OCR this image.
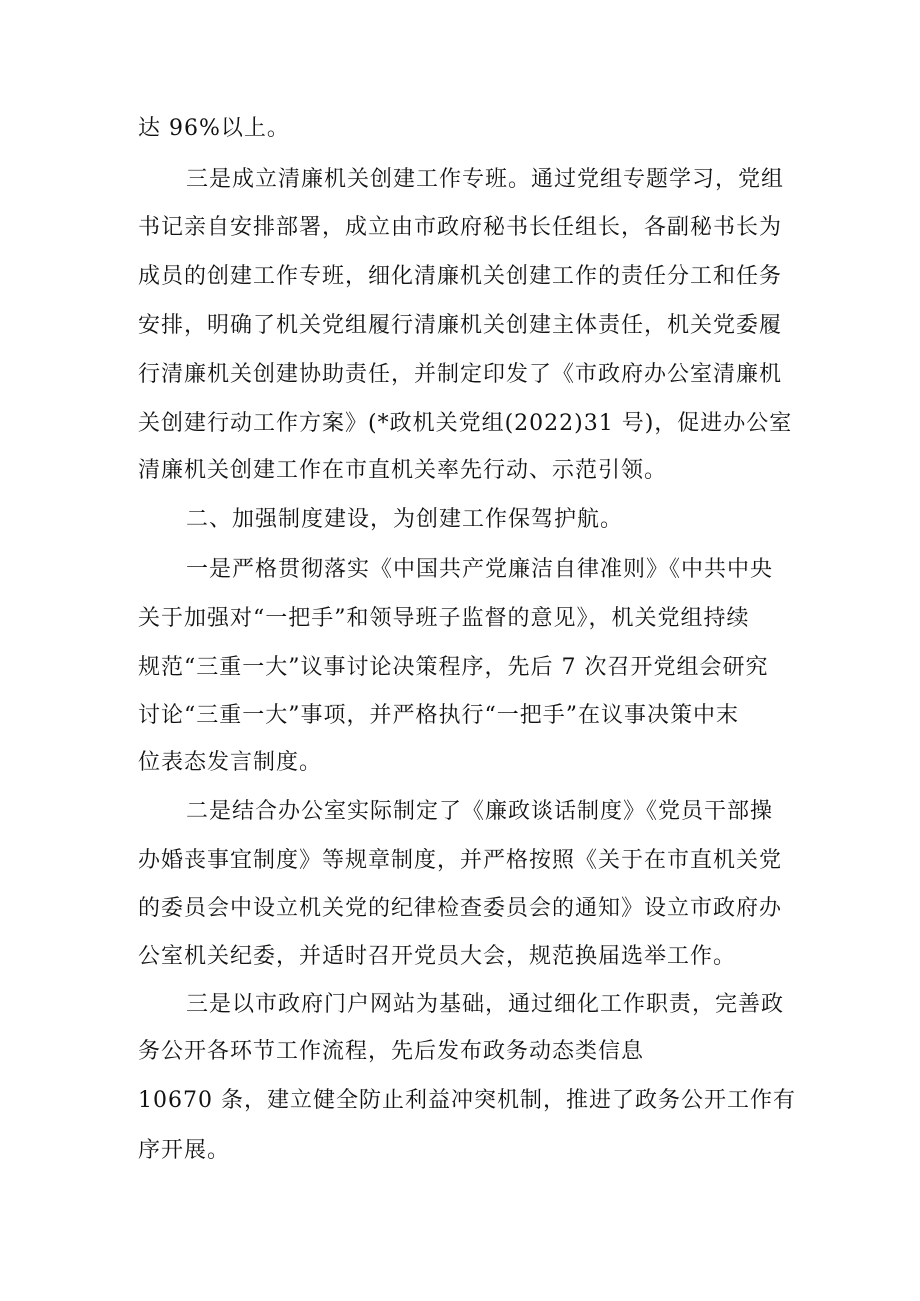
达 96%以上。
三是成立清廉机关创建工作专班。通过党组专题学习，党组
书记亲自安排部署，成立由市政府秘书长任组长，各副秘书长为
成员的创建工作专班，细化清廉机关创建工作的责任分工和任务
安排，明确了机关党组履行清廉机关创建主体责任，机关党委履
行清廉机关创建协助责任，并制定印发了《市政府办公室清廉机
关创建行动工作方案》(*政机关党组(2022)31 号)，促进办公室
清廉机关创建工作在市直机关率先行动、示范引领。
二、加强制度建设，为创建工作保驾护航。
一是严格贯彻落实《中国共产党廉洁自律准则》《中共中央
关于加强对“一把手”和领导班子监督的意见》，机关党组持续
规范“三重一大”议事讨论决策程序，先后 7 次召开党组会研究
讨论“三重一大”事项，并严格执行“一把手”在议事决策中末
位表态发言制度。
二是结合办公室实际制定了《廉政谈话制度》《党员干部操
办婚丧事宜制度》等规章制度，并严格按照《关于在市直机关党
的委员会中设立机关党的纪律检查委员会的通知》设立市政府办
公室机关纪委，并适时召开党员大会，规范换届选举工作。
三是以市政府门户网站为基础，通过细化工作职责，完善政
务公开各环节工作流程，先后发布政务动态类信息
10670 条，建立健全防止利益冲突机制，推进了政务公开工作有
序开展。
